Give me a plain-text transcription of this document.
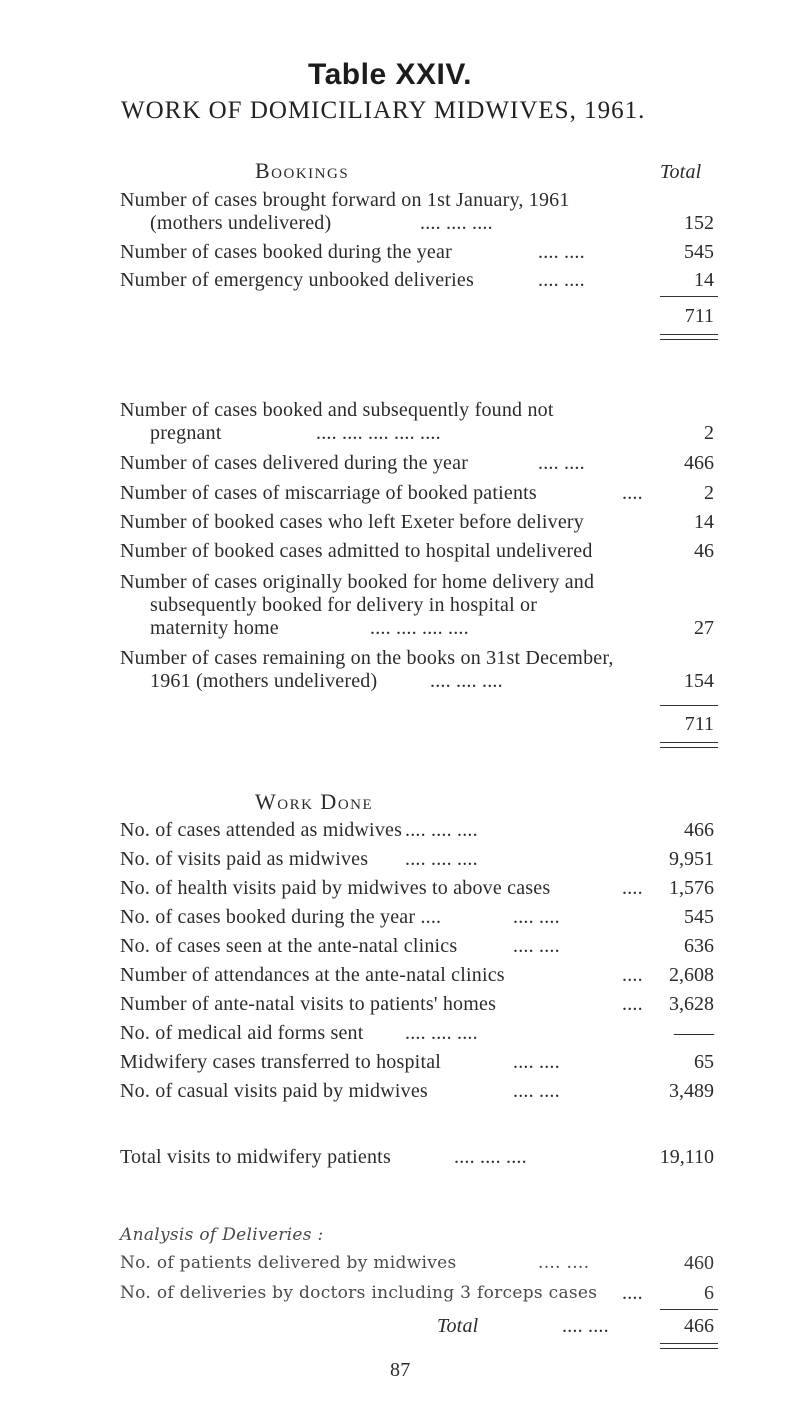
Table XXIV.
WORK OF DOMICILIARY MIDWIVES, 1961.
Bookings	Total
Number of cases brought forward on 1st January, 1961
(mothers undelivered)	.... .... ....	152
Number of cases booked during the year	.... ....	545
Number of emergency unbooked deliveries	.... ....	14
711
Number of cases booked and subsequently found not
pregnant	.... .... .... .... ....	2
Number of cases delivered during the year	.... ....	466
Number of cases of miscarriage of booked patients	....	2
Number of booked cases who left Exeter before delivery	14
Number of booked cases admitted to hospital undelivered	46
Number of cases originally booked for home delivery and
subsequently booked for delivery in hospital or
maternity home	.... .... .... ....	27
Number of cases remaining on the books on 31st December,
1961 (mothers undelivered)	.... .... ....	154
711
Work Done
No. of cases attended as midwives .... .... ....	466
No. of visits paid as midwives .... .... ....	9,951
No. of health visits paid by midwives to above cases	.... 1,576
No. of cases booked during the year ....	.... ....	545
No. of cases seen at the ante-natal clinics	.... ....	636
Number of attendances at the ante-natal clinics	.... 2,608
Number of ante-natal visits to patients' homes	.... 3,628
No. of medical aid forms sent .... .... ....	——
Midwifery cases transferred to hospital	.... ....	65
No. of casual visits paid by midwives	.... ....	3,489
Total visits to midwifery patients	.... .... ....	19,110
Analysis of Deliveries :
No. of patients delivered by midwives	.... ....	460
No. of deliveries by doctors including 3 forceps cases ....	6
Total	.... ....	466
87
